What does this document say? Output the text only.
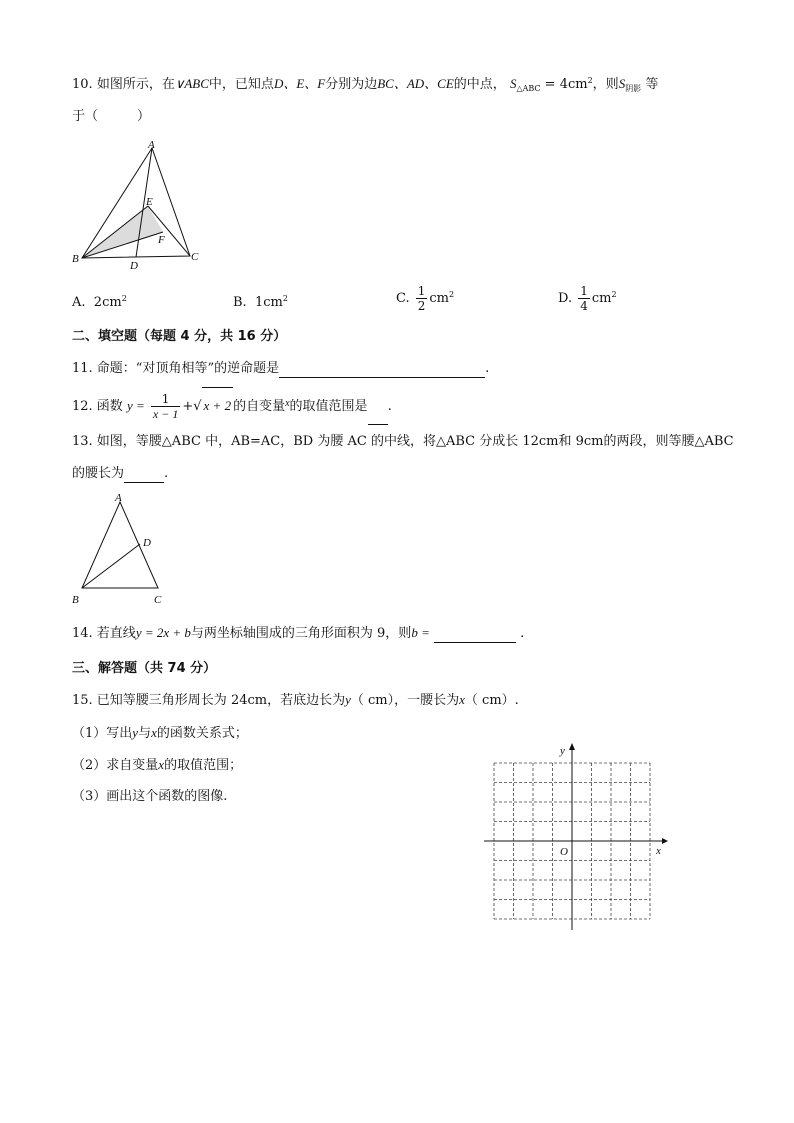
10. 如图所示，在∨ABC中，已知点D、E、F分别为边BC、AD、CE的中点， $S_{\triangle ABC} = 4cm^2$，则$S_{阴影}$ 等
于（　　　）
A
B	C
D
E
F
A. $2cm^2$	B. $1cm^2$	C. $\frac{1}{2} cm^2$	D. $\frac{1}{4} cm^2$
二、填空题（每题 4 分，共 16 分）
11. 命题：“对顶角相等”的逆命题是	.
12. 函数 $y = \frac{1}{x - 1}$ +√ x + 2 的自变量$^x$的取值范围是 .
13. 如图，等腰△ABC 中，AB=AC，BD 为腰 AC 的中线，将△ABC 分成长 12cm和 9cm的两段，则等腰△ABC
的腰长为	.
A
B	C
D
14. 若直线y = 2x + b与两坐标轴围成的三角形面积为 9，则b =	.
三、解答题（共 74 分）
15. 已知等腰三角形周长为 24cm，若底边长为y（ cm），一腰长为x（ cm）.
（1）写出y与x的函数关系式；
（2）求自变量x的取值范围；
（3）画出这个函数的图像.
y
x
O
